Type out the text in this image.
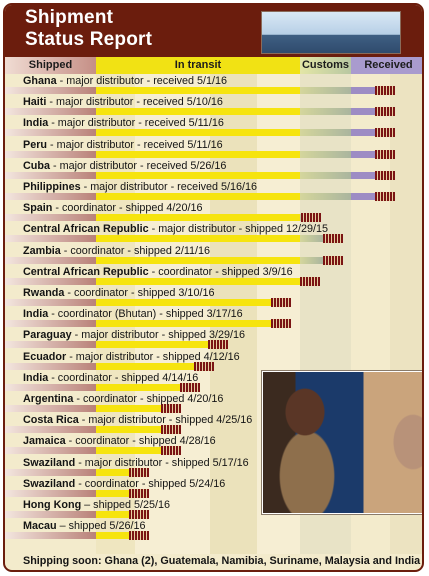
Shipment
Status Report
Shipped	In transit	Customs	Received
Ghana - major distributor - received 5/1/16
Haiti - major distributor - received 5/10/16
India - major distributor - received 5/11/16
Peru - major distributor - received 5/11/16
Cuba - major distributor - received 5/26/16
Philippines - major distributor - received 5/16/16
Spain - coordinator - shipped 4/20/16
Central African Republic - major distributor - shipped 12/29/15
Zambia - coordinator - shipped 2/11/16
Central African Republic - coordinator - shipped 3/9/16
Rwanda - coordinator - shipped 3/10/16
India - coordinator (Bhutan) - shipped 3/17/16
Paraguay - major distributor - shipped 3/29/16
Ecuador - major distributor - shipped 4/12/16
India - coordinator - shipped 4/14/16
Argentina - coordinator - shipped 4/20/16
Costa Rica - major distributor - shipped 4/25/16
Jamaica - coordinator - shipped 4/28/16
Swaziland - major distributor - shipped 5/17/16
Swaziland - coordinator - shipped 5/24/16
Hong Kong – shipped 5/25/16
Macau – shipped 5/26/16
Shipping soon: Ghana (2), Guatemala, Namibia, Suriname, Malaysia and India
